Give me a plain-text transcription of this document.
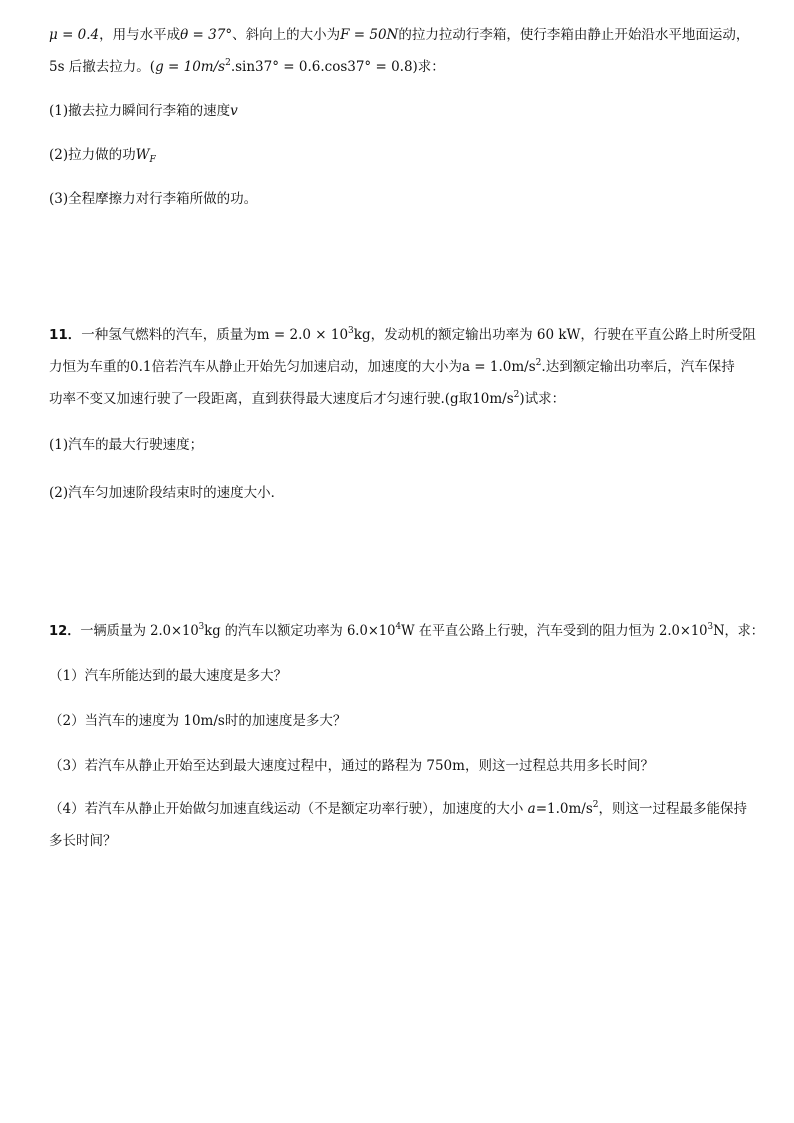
μ = 0.4，用与水平成θ = 37°、斜向上的大小为F = 50N的拉力拉动行李箱，使行李箱由静止开始沿水平地面运动，
5s 后撤去拉力。$(g = 10m/s^2.\sin 37^\circ = 0.6.\cos 37^\circ = 0.8)$求：
(1)撤去拉力瞬间行李箱的速度v
(2)拉力做的功$W_F$
(3)全程摩擦力对行李箱所做的功。
11．一种氢气燃料的汽车，质量为$m = 2.0 \times 10^3kg$，发动机的额定输出功率为 60 kW，行驶在平直公路上时所受阻
力恒为车重的0.1倍若汽车从静止开始先匀加速启动，加速度的大小为$a = 1.0m/s^2$.达到额定输出功率后，汽车保持
功率不变又加速行驶了一段距离，直到获得最大速度后才匀速行驶.(g取$10m/s^2$)试求：
(1)汽车的最大行驶速度；
(2)汽车匀加速阶段结束时的速度大小．
12．一辆质量为 $2.0\times 10^3kg$ 的汽车以额定功率为 $6.0\times 10^4W$ 在平直公路上行驶，汽车受到的阻力恒为 $2.0\times 10^3N$，求：
（1）汽车所能达到的最大速度是多大？
（2）当汽车的速度为 10m/s时的加速度是多大？
（3）若汽车从静止开始至达到最大速度过程中，通过的路程为 750m，则这一过程总共用多长时间？
（4）若汽车从静止开始做匀加速直线运动（不是额定功率行驶），加速度的大小 $a=1.0m/s^2$，则这一过程最多能保持
多长时间？
